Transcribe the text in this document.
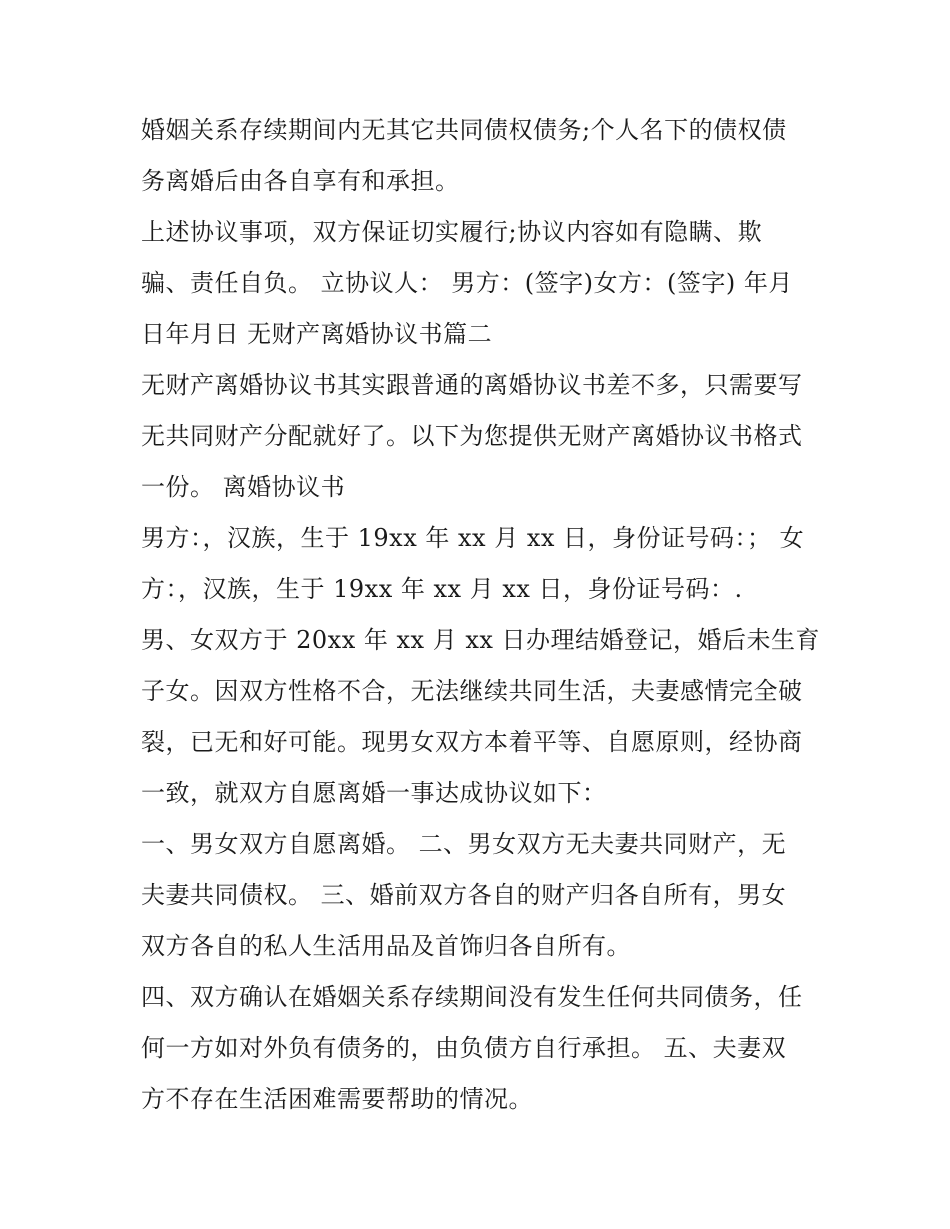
婚姻关系存续期间内无其它共同债权债务;个人名下的债权债
务离婚后由各自享有和承担。
上述协议事项，双方保证切实履行;协议内容如有隐瞒、欺
骗、责任自负。 立协议人： 男方：(签字)女方：(签字) 年月
日年月日 无财产离婚协议书篇二
无财产离婚协议书其实跟普通的离婚协议书差不多，只需要写
无共同财产分配就好了。以下为您提供无财产离婚协议书格式
一份。 离婚协议书
男方：，汉族，生于 19xx 年 xx 月 xx 日，身份证号码：； 女
方：，汉族，生于 19xx 年 xx 月 xx 日，身份证号码：.
男、女双方于 20xx 年 xx 月 xx 日办理结婚登记，婚后未生育
子女。因双方性格不合，无法继续共同生活，夫妻感情完全破
裂，已无和好可能。现男女双方本着平等、自愿原则，经协商
一致，就双方自愿离婚一事达成协议如下：
一、男女双方自愿离婚。 二、男女双方无夫妻共同财产，无
夫妻共同债权。 三、婚前双方各自的财产归各自所有，男女
双方各自的私人生活用品及首饰归各自所有。
四、双方确认在婚姻关系存续期间没有发生任何共同债务，任
何一方如对外负有债务的，由负债方自行承担。 五、夫妻双
方不存在生活困难需要帮助的情况。
